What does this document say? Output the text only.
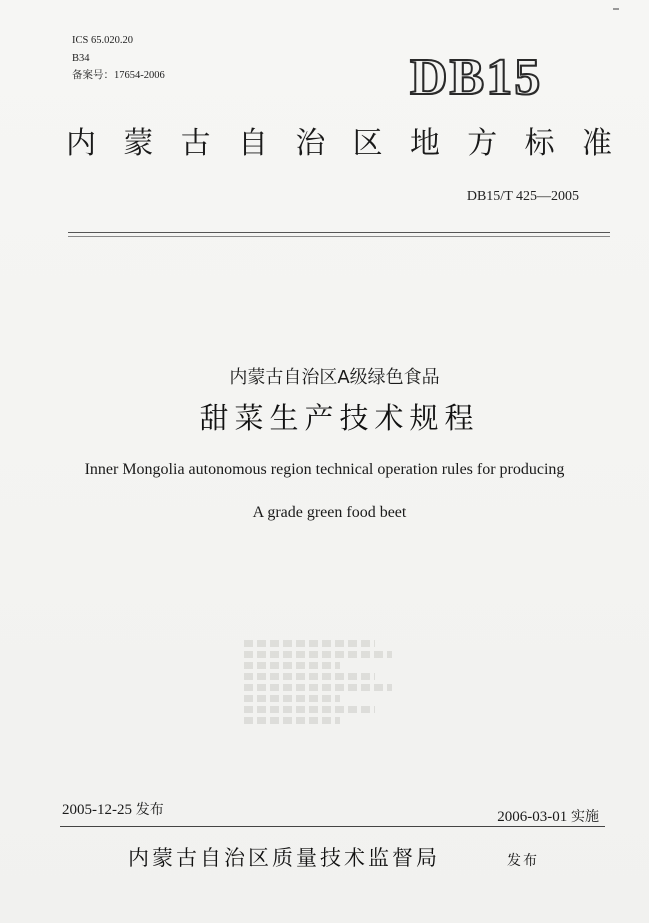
ICS 65.020.20
B34
备案号：17654-2006	DB15
内 蒙 古 自 治 区 地 方 标 准
DB15/T 425—2005
内蒙古自治区A级绿色食品
甜菜生产技术规程
Inner Mongolia autonomous region technical operation rules for producing
A grade green food beet
2005-12-25 发布	2006-03-01 实施
内蒙古自治区质量技术监督局	发布
